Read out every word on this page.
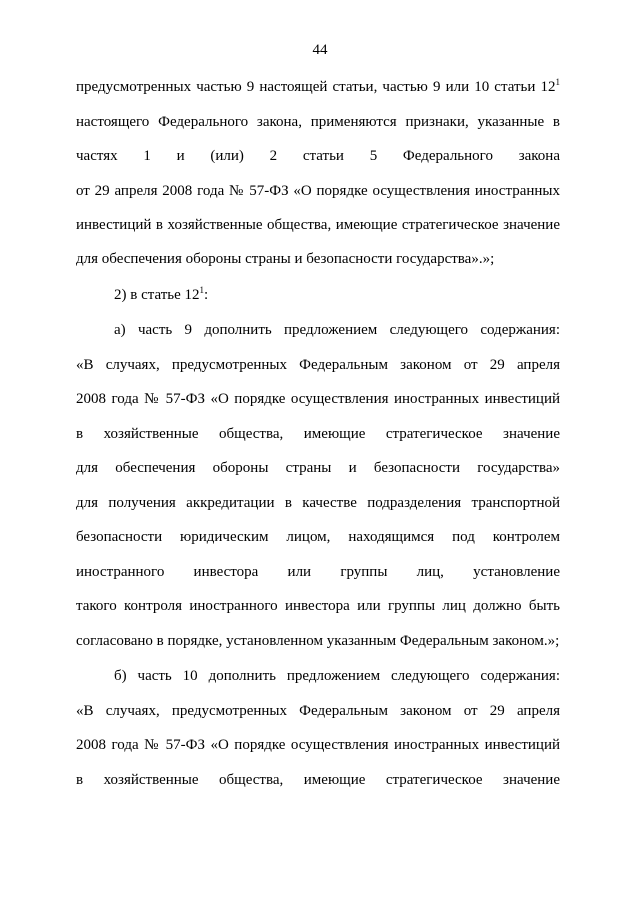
44
предусмотренных частью 9 настоящей статьи, частью 9 или 10 статьи $12^1$
настоящего Федерального закона, применяются признаки, указанные в
частях 1 и (или) 2 статьи 5 Федерального закона
от 29 апреля 2008 года № 57-ФЗ «О порядке осуществления иностранных
инвестиций в хозяйственные общества, имеющие стратегическое значение
для обеспечения обороны страны и безопасности государства».»;
2) в статье $12^1$:
а) часть 9 дополнить предложением следующего содержания:
«В случаях, предусмотренных Федеральным законом от 29 апреля
2008 года № 57-ФЗ «О порядке осуществления иностранных инвестиций
в хозяйственные общества, имеющие стратегическое значение
для обеспечения обороны страны и безопасности государства»
для получения аккредитации в качестве подразделения транспортной
безопасности юридическим лицом, находящимся под контролем
иностранного инвестора или группы лиц, установление
такого контроля иностранного инвестора или группы лиц должно быть
согласовано в порядке, установленном указанным Федеральным законом.»;
б) часть 10 дополнить предложением следующего содержания:
«В случаях, предусмотренных Федеральным законом от 29 апреля
2008 года № 57-ФЗ «О порядке осуществления иностранных инвестиций
в хозяйственные общества, имеющие стратегическое значение
